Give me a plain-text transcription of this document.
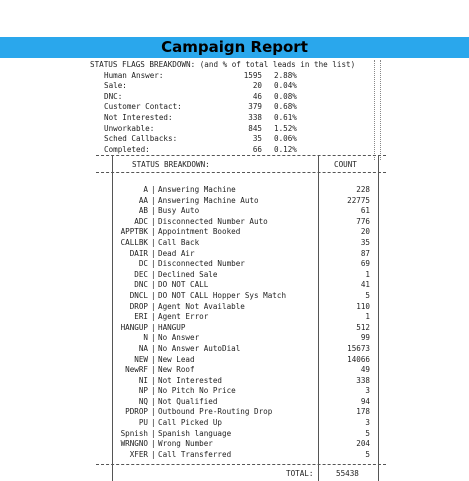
Campaign Report
STATUS FLAGS BREAKDOWN: (and % of total leads in the list)
Human Answer:	1595 2.88%
Sale:	20 0.04%
DNC:	46 0.08%
Customer Contact:	379 0.68%
Not Interested:	338 0.61%
Unworkable:	845 1.52%
Sched Callbacks:	35 0.06%
Completed:	66 0.12%
STATUS BREAKDOWN:	COUNT
A | Answering Machine	228
AA | Answering Machine Auto	22775
AB | Busy Auto	61
ADC | Disconnected Number Auto	776
APPTBK | Appointment Booked	20
CALLBK | Call Back	35
DAIR | Dead Air	87
DC | Disconnected Number	69
DEC | Declined Sale	1
DNC | DO NOT CALL	41
DNCL | DO NOT CALL Hopper Sys Match	5
DROP | Agent Not Available	110
ERI | Agent Error	1
HANGUP | HANGUP	512
N | No Answer	99
NA | No Answer AutoDial	15673
NEW | New Lead	14066
NewRF | New Roof	49
NI | Not Interested	338
NP | No Pitch No Price	3
NQ | Not Qualified	94
PDROP | Outbound Pre-Routing Drop	178
PU | Call Picked Up	3
Spnish | Spanish language	5
WRNGNO | Wrong Number	204
XFER | Call Transferred	5
TOTAL:	55438
